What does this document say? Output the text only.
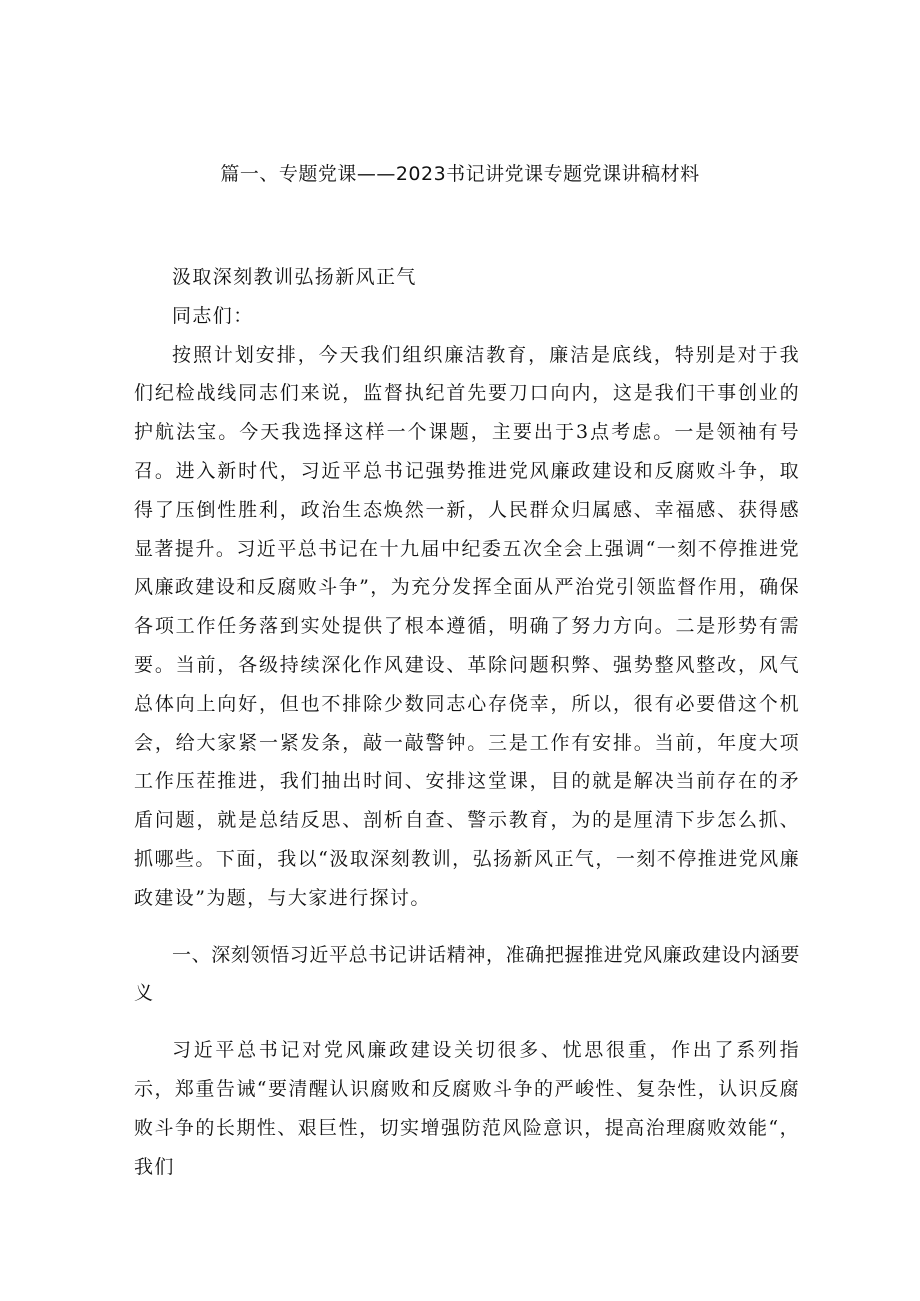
篇一、专题党课——2023书记讲党课专题党课讲稿材料

汲取深刻教训弘扬新风正气

同志们：

按照计划安排，今天我们组织廉洁教育，廉洁是底线，特别是对于我们纪检战线同志们来说，监督执纪首先要刀口向内，这是我们干事创业的护航法宝。今天我选择这样一个课题，主要出于3点考虑。一是领袖有号召。进入新时代，习近平总书记强势推进党风廉政建设和反腐败斗争，取得了压倒性胜利，政治生态焕然一新，人民群众归属感、幸福感、获得感显著提升。习近平总书记在十九届中纪委五次全会上强调“一刻不停推进党风廉政建设和反腐败斗争”，为充分发挥全面从严治党引领监督作用，确保各项工作任务落到实处提供了根本遵循，明确了努力方向。二是形势有需要。当前，各级持续深化作风建设、革除问题积弊、强势整风整改，风气总体向上向好，但也不排除少数同志心存侥幸，所以，很有必要借这个机会，给大家紧一紧发条，敲一敲警钟。三是工作有安排。当前，年度大项工作压茬推进，我们抽出时间、安排这堂课，目的就是解决当前存在的矛盾问题，就是总结反思、剖析自查、警示教育，为的是厘清下步怎么抓、抓哪些。下面，我以“汲取深刻教训，弘扬新风正气，一刻不停推进党风廉政建设”为题，与大家进行探讨。

一、深刻领悟习近平总书记讲话精神，准确把握推进党风廉政建设内涵要义

习近平总书记对党风廉政建设关切很多、忧思很重，作出了系列指示，郑重告诫“要清醒认识腐败和反腐败斗争的严峻性、复杂性，认识反腐败斗争的长期性、艰巨性，切实增强防范风险意识，提高治理腐败效能“，我们
